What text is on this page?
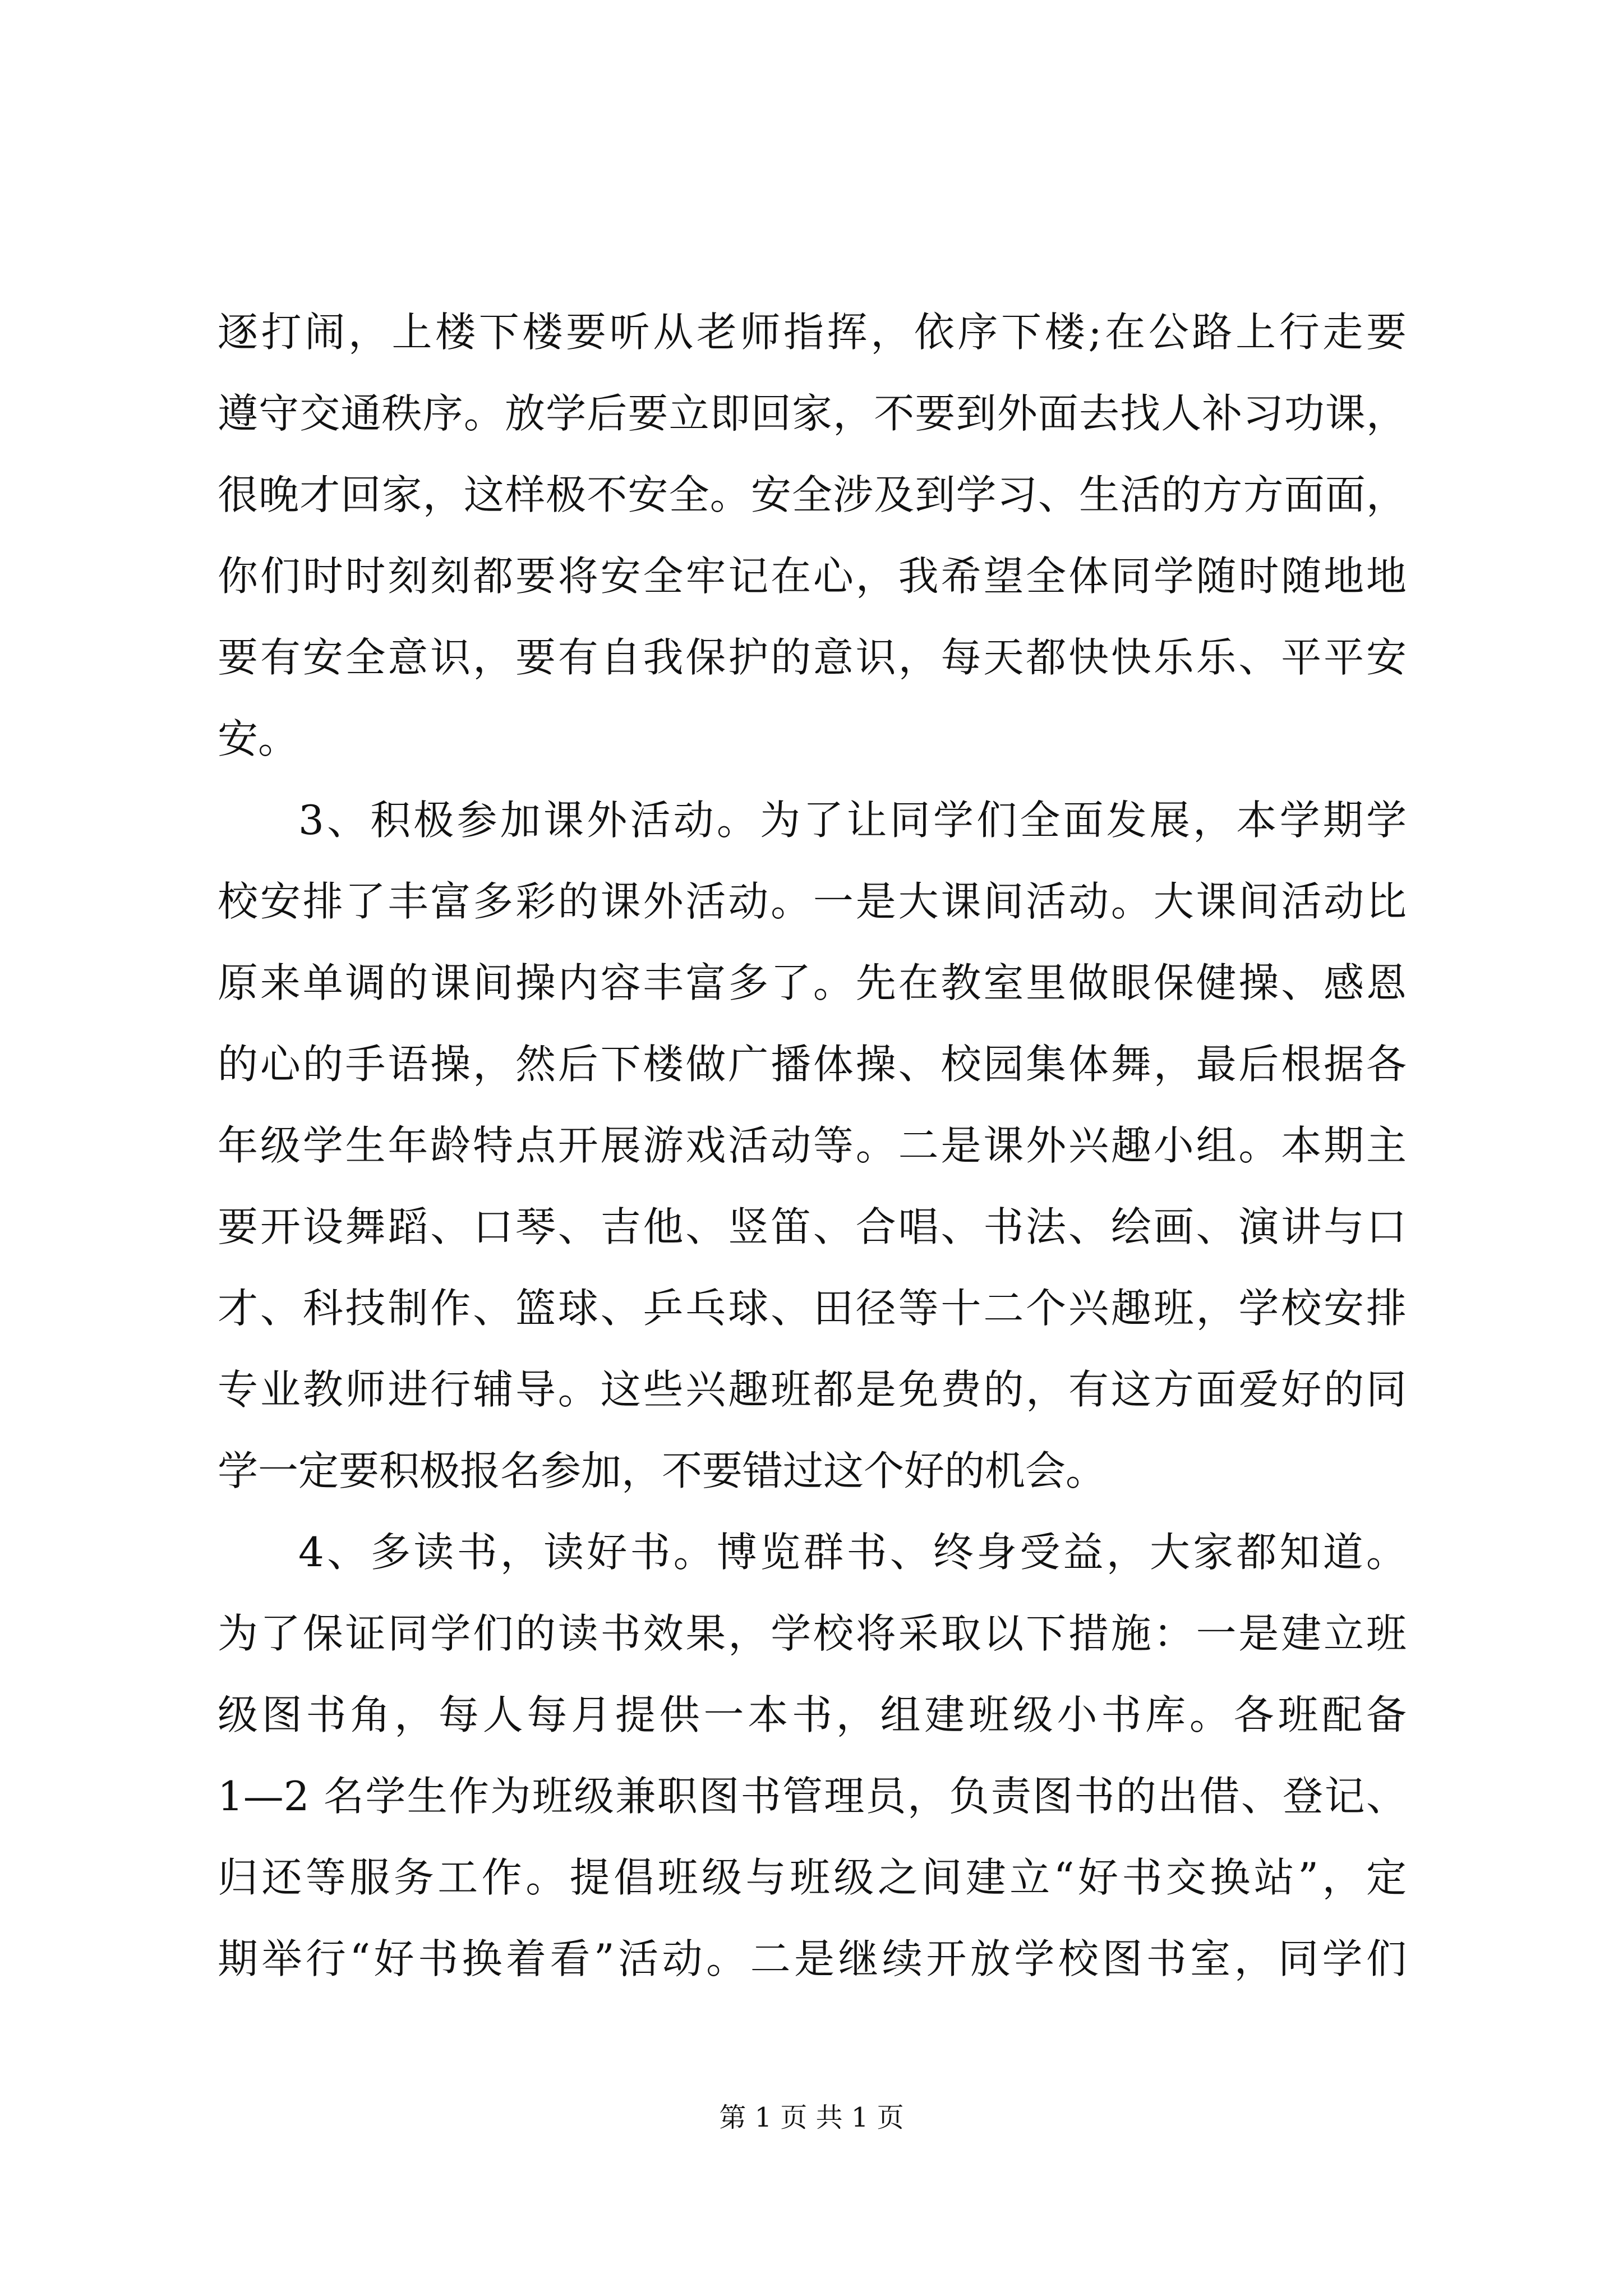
逐打闹，上楼下楼要听从老师指挥，依序下楼;在公路上行走要
遵守交通秩序。放学后要立即回家，不要到外面去找人补习功课，
很晚才回家，这样极不安全。安全涉及到学习、生活的方方面面，
你们时时刻刻都要将安全牢记在心，我希望全体同学随时随地地
要有安全意识，要有自我保护的意识，每天都快快乐乐、平平安
安。
3、积极参加课外活动。为了让同学们全面发展，本学期学
校安排了丰富多彩的课外活动。一是大课间活动。大课间活动比
原来单调的课间操内容丰富多了。先在教室里做眼保健操、感恩
的心的手语操，然后下楼做广播体操、校园集体舞，最后根据各
年级学生年龄特点开展游戏活动等。二是课外兴趣小组。本期主
要开设舞蹈、口琴、吉他、竖笛、合唱、书法、绘画、演讲与口
才、科技制作、篮球、乒乓球、田径等十二个兴趣班，学校安排
专业教师进行辅导。这些兴趣班都是免费的，有这方面爱好的同
学一定要积极报名参加，不要错过这个好的机会。
4、多读书，读好书。博览群书、终身受益，大家都知道。
为了保证同学们的读书效果，学校将采取以下措施：一是建立班
级图书角，每人每月提供一本书，组建班级小书库。各班配备
1—2 名学生作为班级兼职图书管理员，负责图书的出借、登记、
归还等服务工作。提倡班级与班级之间建立“好书交换站”，定
期举行“好书换着看”活动。二是继续开放学校图书室，同学们
第 1 页 共 1 页
